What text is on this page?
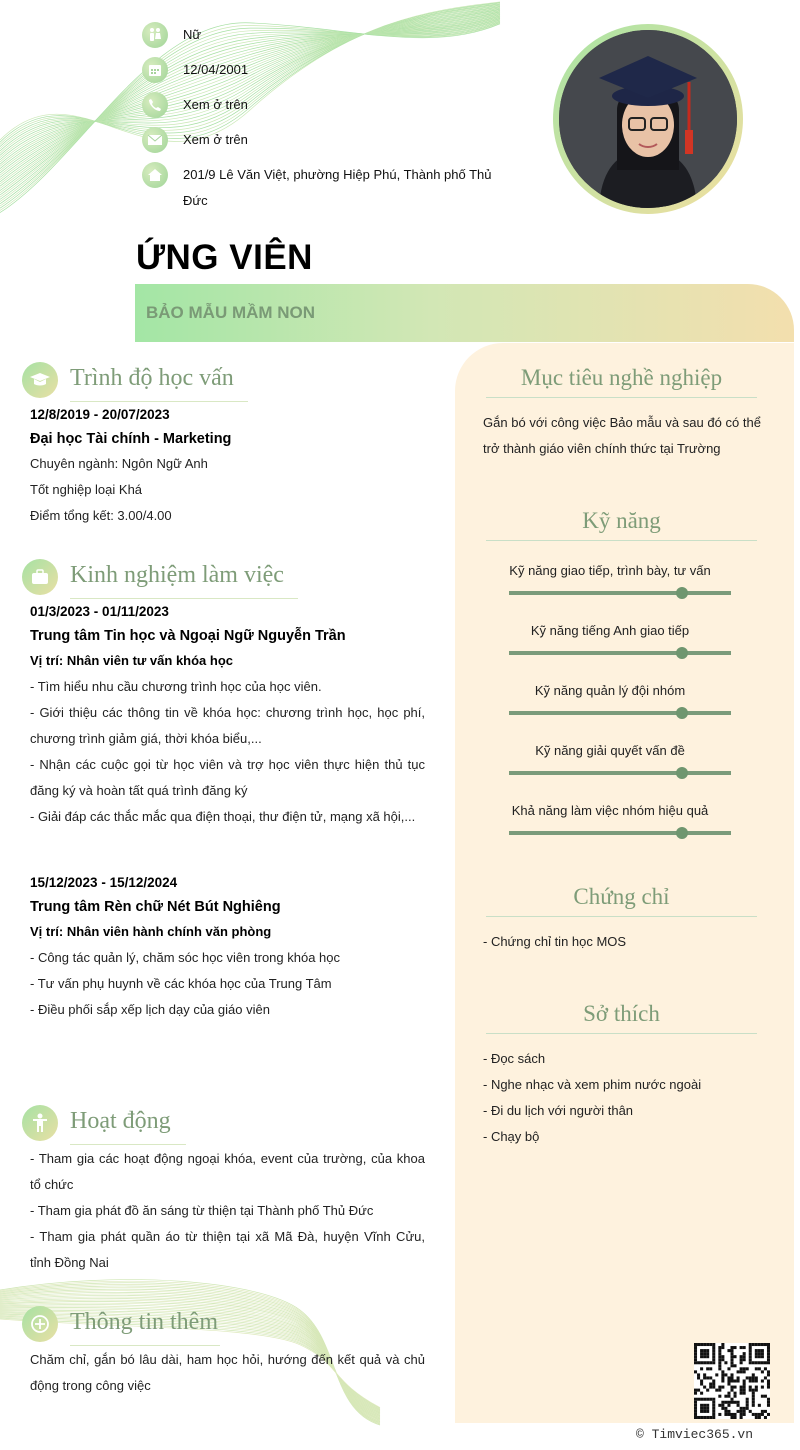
Nữ
12/04/2001
Xem ở trên
Xem ở trên
201/9 Lê Văn Việt, phường Hiệp Phú, Thành phố Thủ Đức
ỨNG VIÊN
BẢO MẪU MẦM NON
Mục tiêu nghề nghiệp
Gắn bó với công việc Bảo mẫu và sau đó có thể trở thành giáo viên chính thức tại Trường
Kỹ năng
Kỹ năng giao tiếp, trình bày, tư vấn
Kỹ năng tiếng Anh giao tiếp
Kỹ năng quản lý đội nhóm
Kỹ năng giải quyết vấn đề
Khả năng làm việc nhóm hiệu quả
Chứng chỉ
- Chứng chỉ tin học MOS
Sở thích
- Đọc sách
- Nghe nhạc và xem phim nước ngoài
- Đi du lịch với người thân
- Chạy bộ
Trình độ học vấn
12/8/2019 - 20/07/2023
Đại học Tài chính - Marketing
Chuyên ngành: Ngôn Ngữ Anh
Tốt nghiệp loại Khá
Điểm tổng kết: 3.00/4.00
Kinh nghiệm làm việc
01/3/2023 - 01/11/2023
Trung tâm Tin học và Ngoại Ngữ Nguyễn Trần
Vị trí: Nhân viên tư vấn khóa học
- Tìm hiểu nhu cầu chương trình học của học viên.
- Giới thiệu các thông tin về khóa học: chương trình học, học phí, chương trình giảm giá, thời khóa biểu,...
- Nhận các cuộc gọi từ học viên và trợ học viên thực hiện thủ tục đăng ký và hoàn tất quá trình đăng ký
- Giải đáp các thắc mắc qua điện thoại, thư điện tử, mạng xã hội,...
15/12/2023 - 15/12/2024
Trung tâm Rèn chữ Nét Bút Nghiêng
Vị trí: Nhân viên hành chính văn phòng
- Công tác quản lý, chăm sóc học viên trong khóa học
- Tư vấn phụ huynh về các khóa học của Trung Tâm
- Điều phối sắp xếp lịch dạy của giáo viên
Hoạt động
- Tham gia các hoạt động ngoại khóa, event của trường, của khoa tổ chức
- Tham gia phát đồ ăn sáng từ thiện tại Thành phố Thủ Đức
- Tham gia phát quần áo từ thiện tại xã Mã Đà, huyện Vĩnh Cửu, tỉnh Đồng Nai
Thông tin thêm
Chăm chỉ, gắn bó lâu dài, ham học hỏi, hướng đến kết quả và chủ động trong công việc
© Timviec365.vn
